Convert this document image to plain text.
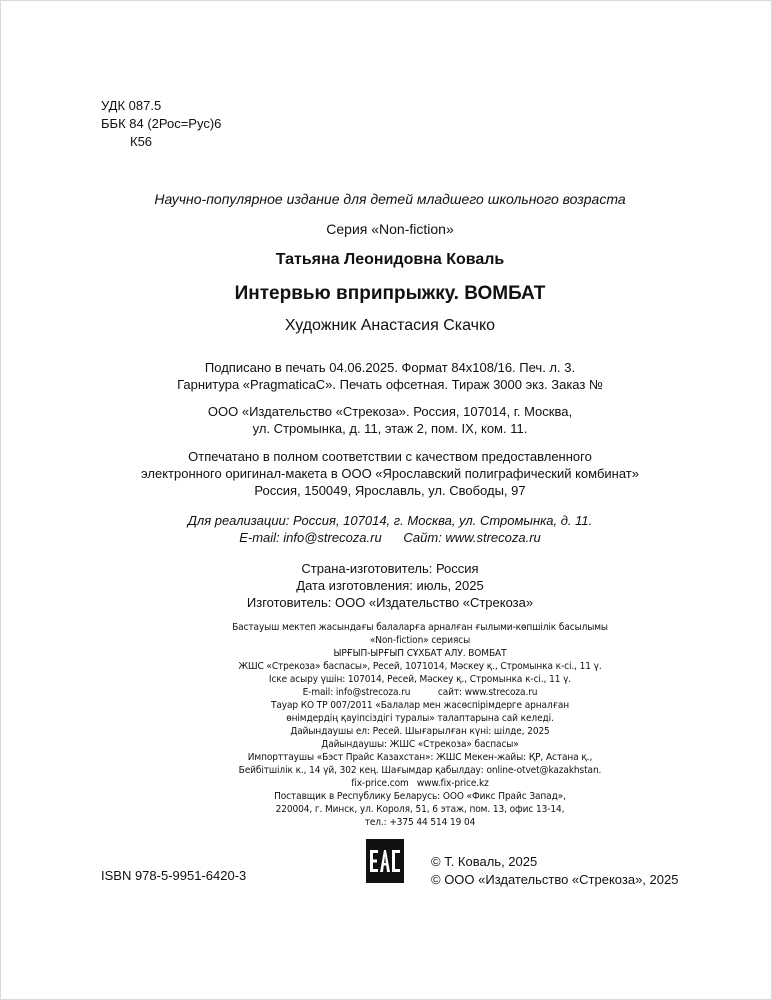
УДК 087.5
ББК 84 (2Рос=Рус)6
К56
Научно-популярное издание для детей младшего школьного возраста
Серия «Non-fiction»
Татьяна Леонидовна Коваль
Интервью вприпрыжку. ВОМБАТ
Художник Анастасия Скачко
Подписано в печать 04.06.2025. Формат 84х108/16. Печ. л. 3.
Гарнитура «PragmaticaC». Печать офсетная. Тираж 3000 экз. Заказ №
ООО «Издательство «Стрекоза». Россия, 107014, г. Москва,
ул. Стромынка, д. 11, этаж 2, пом. IX, ком. 11.
Отпечатано в полном соответствии с качеством предоставленного
электронного оригинал-макета в ООО «Ярославский полиграфический комбинат»
Россия, 150049, Ярославль, ул. Свободы, 97
Для реализации: Россия, 107014, г. Москва, ул. Стромынка, д. 11.
E-mail: info@strecoza.ru      Сайт: www.strecoza.ru
Страна-изготовитель: Россия
Дата изготовления: июль, 2025
Изготовитель: ООО «Издательство «Стрекоза»
Бастауыш мектеп жасындағы балаларға арналған ғылыми-көпшілік басылымы
«Non-fiction» сериясы
ЫРҒЫП-ЫРҒЫП СҰХБАТ АЛУ. ВОМБАТ
ЖШС «Стрекоза» баспасы», Ресей, 1071014, Мәскеу қ., Стромынка к-сі., 11 ү.
Іске асыру үшін: 107014, Ресей, Мәскеу қ., Стромынка к-сі., 11 ү.
E-mail: info@strecoza.ru          сайт: www.strecoza.ru
Тауар КО ТР 007/2011 «Балалар мен жасөспірімдерге арналған
өнімдердің қауіпсіздігі туралы» талаптарына сай келеді.
Дайындаушы ел: Ресей. Шығарылған күні: шілде, 2025
Дайындаушы: ЖШС «Стрекоза» баспасы»
Импорттаушы «Бэст Прайс Казахстан»: ЖШС Мекен-жайы: ҚР, Астана қ.,
Бейбітшілік к., 14 үй, 302 кең. Шағымдар қабылдау: online-otvet@kazakhstan.
fix-price.com   www.fix-price.kz
Поставщик в Республику Беларусь: ООО «Фикс Прайс Запад»,
220004, г. Минск, ул. Короля, 51, 6 этаж, пом. 13, офис 13-14,
тел.: +375 44 514 19 04
ISBN 978-5-9951-6420-3
© Т. Коваль, 2025
© ООО «Издательство «Стрекоза», 2025
